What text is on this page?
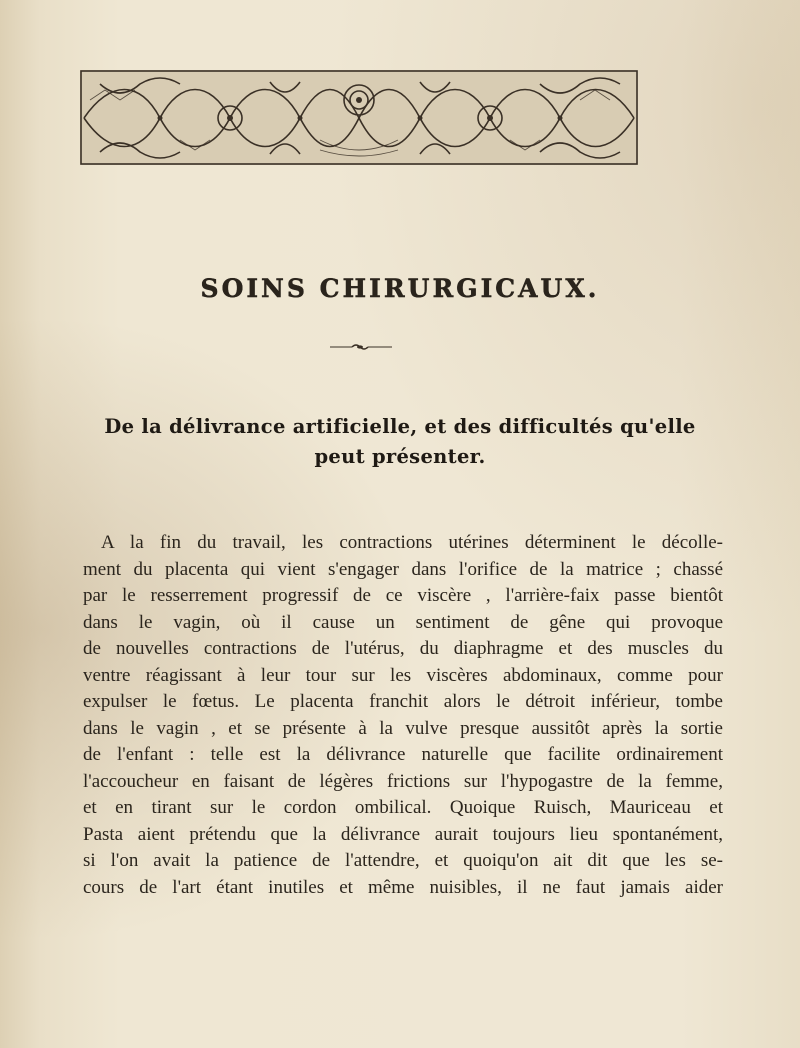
SOINS CHIRURGICAUX.
De la délivrance artificielle, et des difficultés qu'elle
peut présenter.
A la fin du travail, les contractions utérines déterminent le décolle-
ment du placenta qui vient s'engager dans l'orifice de la matrice ; chassé
par le resserrement progressif de ce viscère , l'arrière-faix passe bientôt
dans le vagin, où il cause un sentiment de gêne qui provoque
de nouvelles contractions de l'utérus, du diaphragme et des muscles du
ventre réagissant à leur tour sur les viscères abdominaux, comme pour
expulser le fœtus. Le placenta franchit alors le détroit inférieur, tombe
dans le vagin , et se présente à la vulve presque aussitôt après la sortie
de l'enfant : telle est la délivrance naturelle que facilite ordinairement
l'accoucheur en faisant de légères frictions sur l'hypogastre de la femme,
et en tirant sur le cordon ombilical. Quoique Ruisch, Mauriceau et
Pasta aient prétendu que la délivrance aurait toujours lieu spontanément,
si l'on avait la patience de l'attendre, et quoiqu'on ait dit que les se-
cours de l'art étant inutiles et même nuisibles, il ne faut jamais aider
